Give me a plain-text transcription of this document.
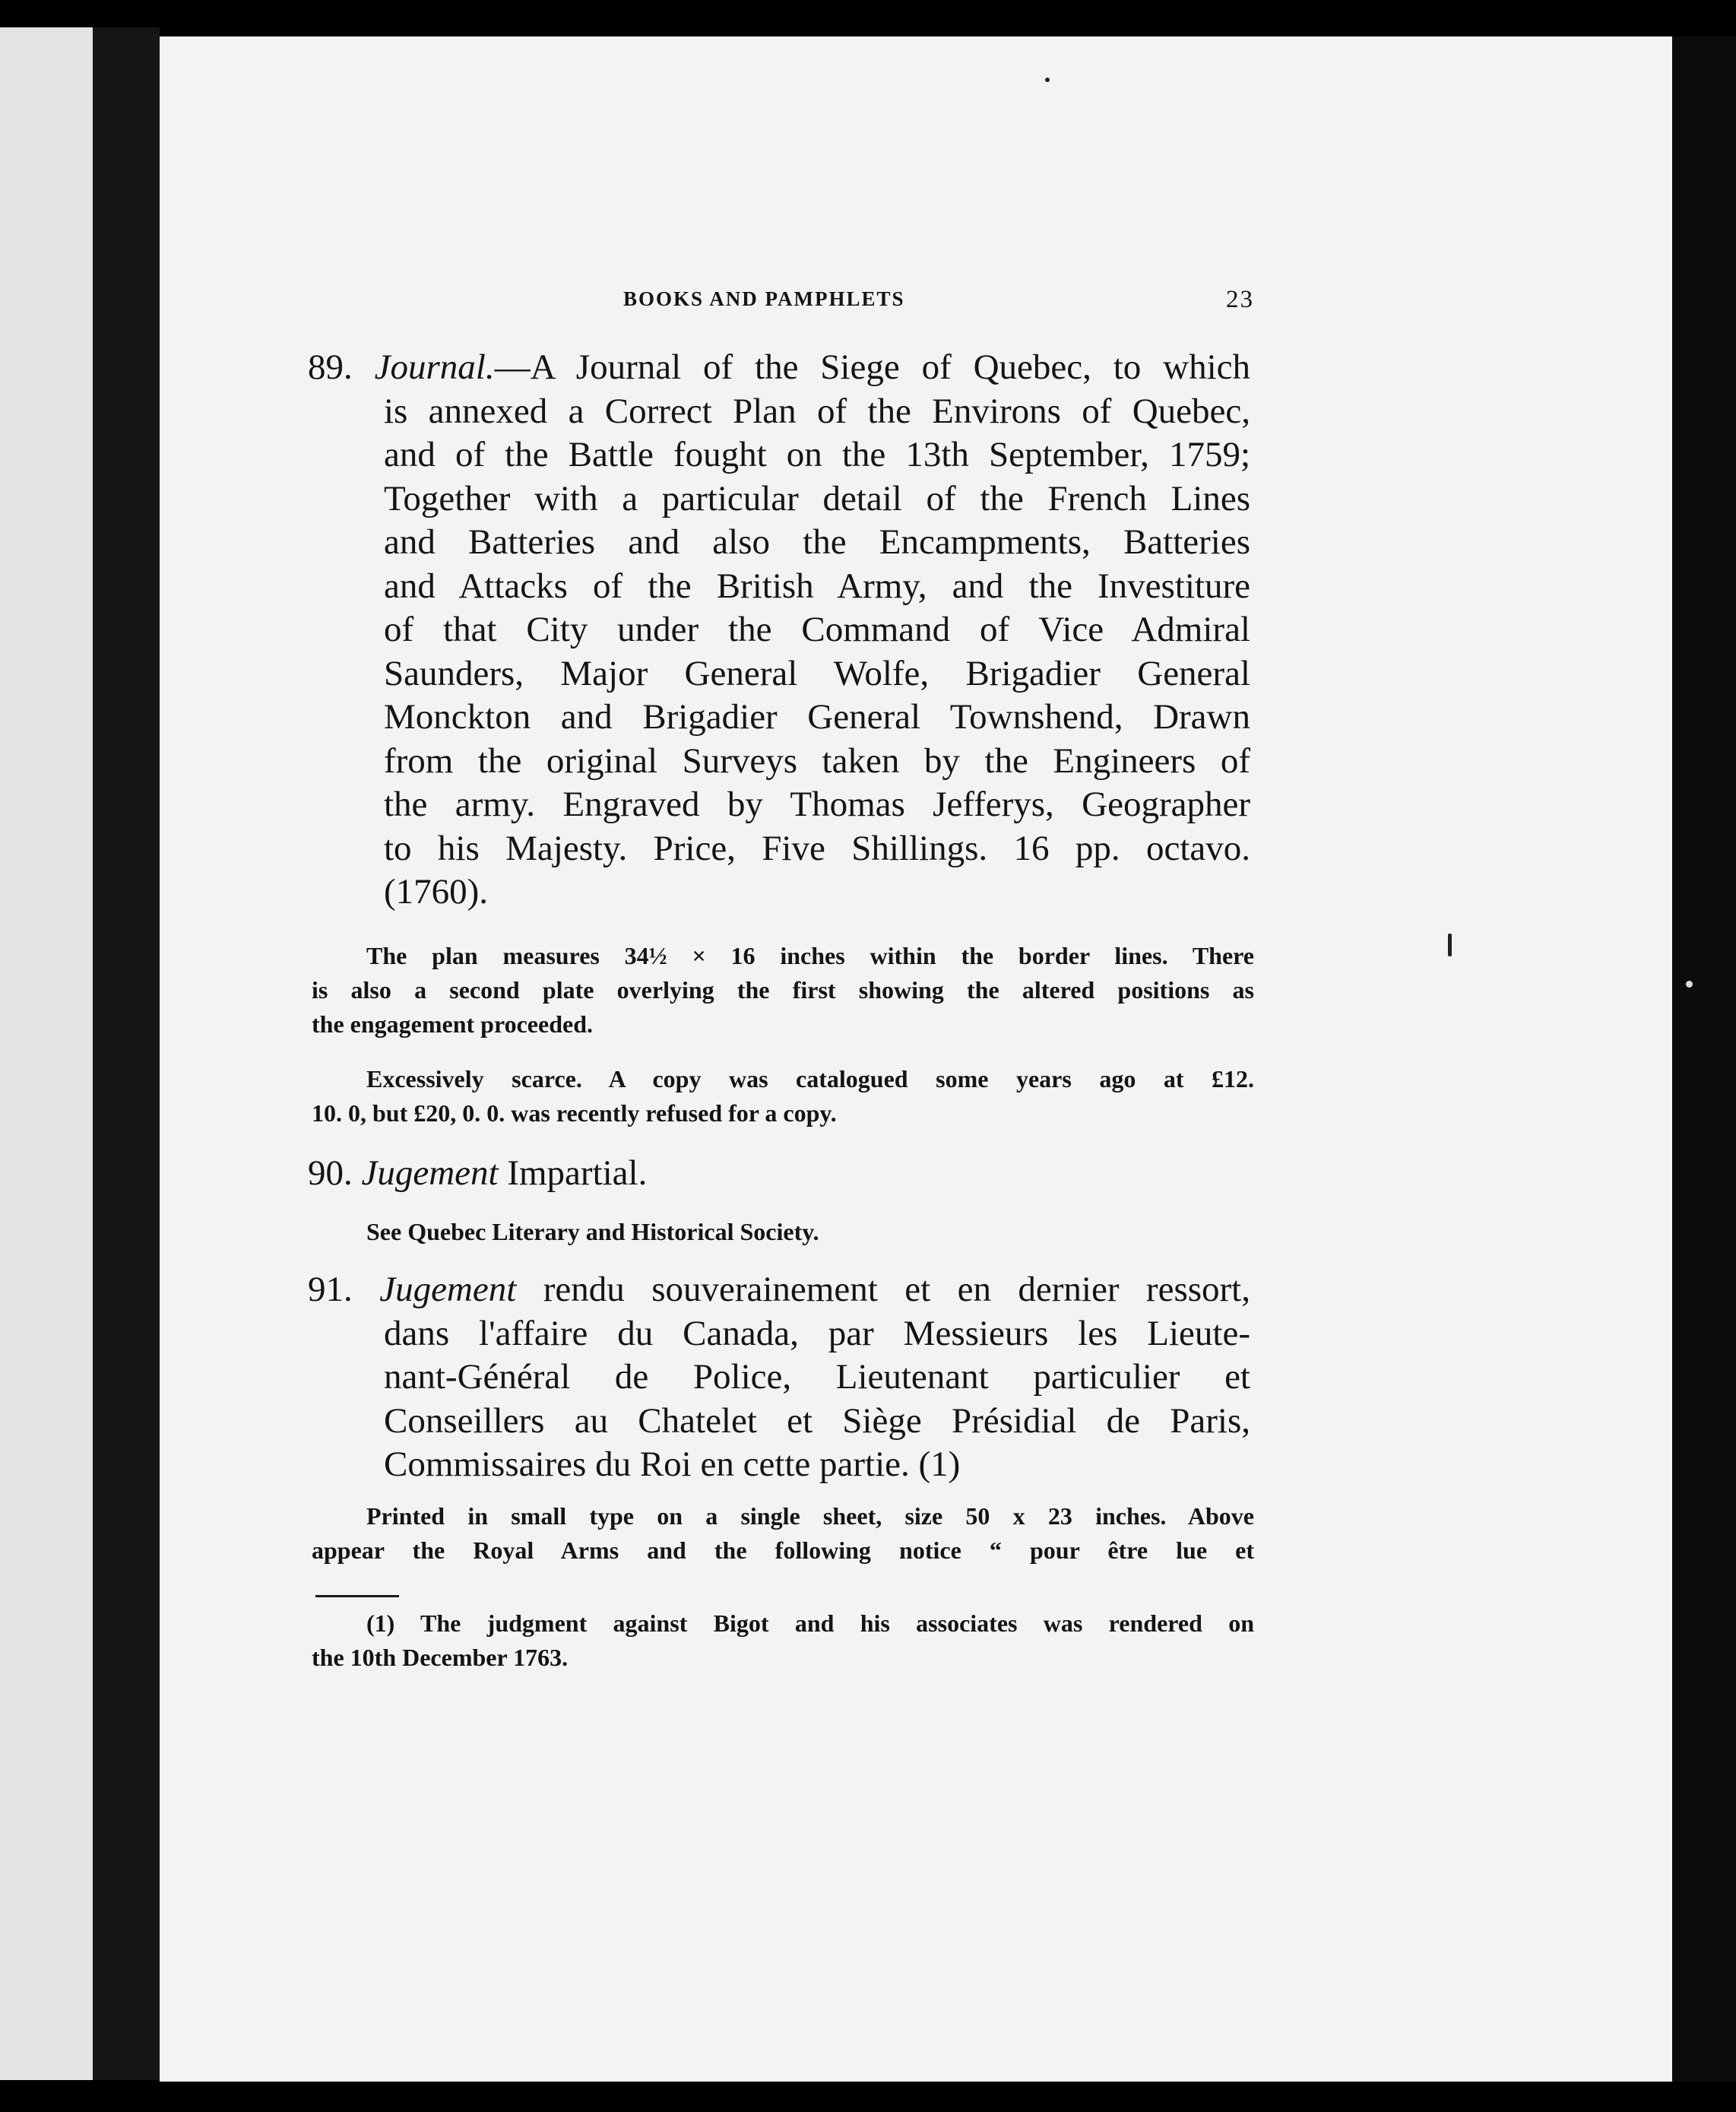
BOOKS AND PAMPHLETS	23
89. Journal.—A Journal of the Siege of Quebec, to which
is annexed a Correct Plan of the Environs of Quebec,
and of the Battle fought on the 13th September, 1759;
Together with a particular detail of the French Lines
and Batteries and also the Encampments, Batteries
and Attacks of the British Army, and the Investiture
of that City under the Command of Vice Admiral
Saunders, Major General Wolfe, Brigadier General
Monckton and Brigadier General Townshend, Drawn
from the original Surveys taken by the Engineers of
the army. Engraved by Thomas Jefferys, Geographer
to his Majesty. Price, Five Shillings. 16 pp. octavo.
(1760).
The plan measures 34½ × 16 inches within the border lines. There
is also a second plate overlying the first showing the altered positions as
the engagement proceeded.
Excessively scarce. A copy was catalogued some years ago at £12.
10. 0, but £20, 0. 0. was recently refused for a copy.
90. Jugement Impartial.
See Quebec Literary and Historical Society.
91. Jugement rendu souverainement et en dernier ressort,
dans l'affaire du Canada, par Messieurs les Lieute-
nant-Général de Police, Lieutenant particulier et
Conseillers au Chatelet et Siège Présidial de Paris,
Commissaires du Roi en cette partie. (1)
Printed in small type on a single sheet, size 50 x 23 inches. Above
appear the Royal Arms and the following notice “ pour être lue et
(1) The judgment against Bigot and his associates was rendered on
the 10th December 1763.
